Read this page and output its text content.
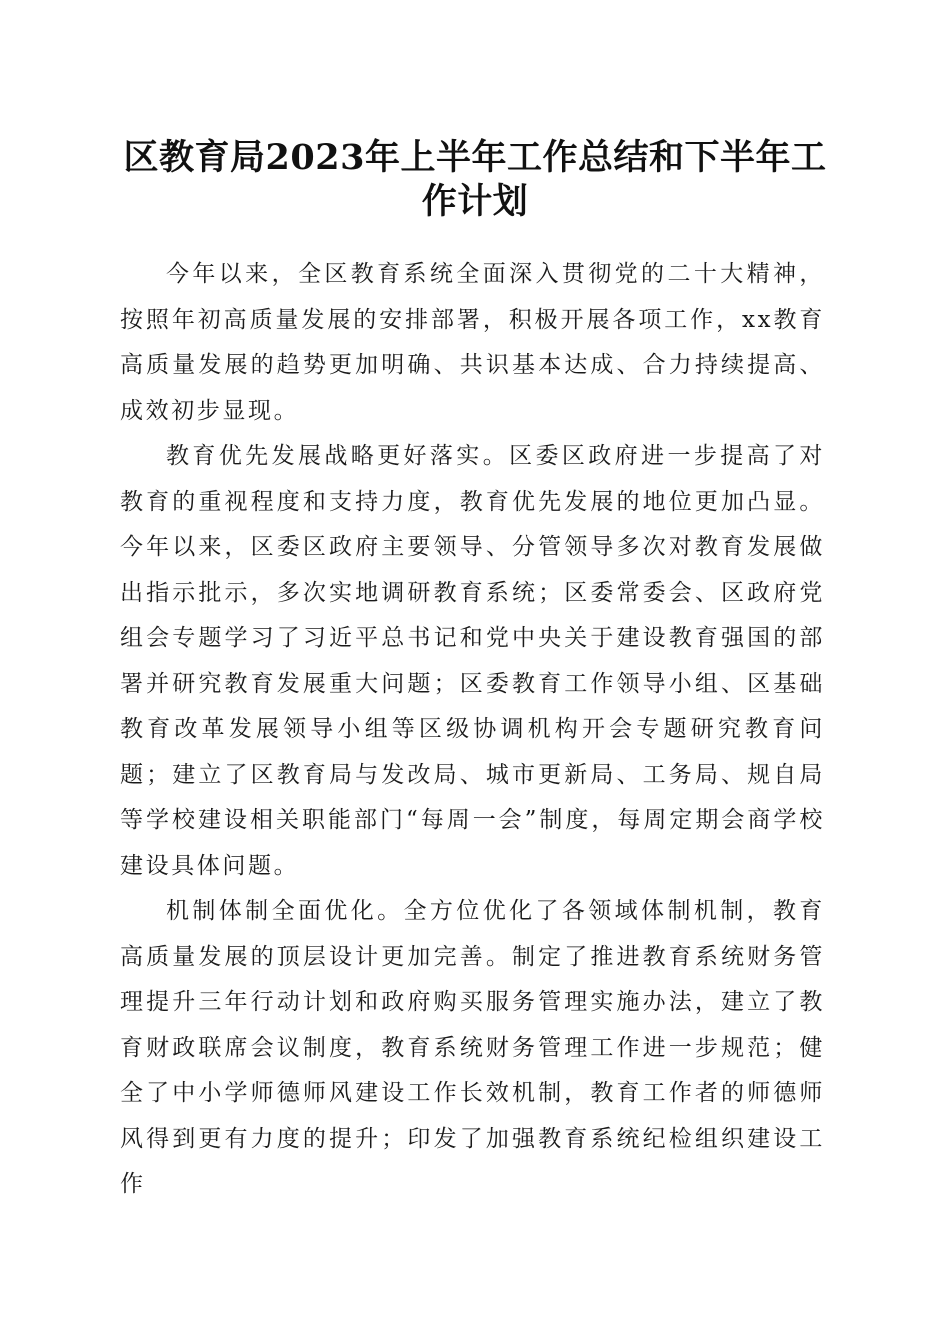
区教育局2023年上半年工作总结和下半年工作计划

今年以来，全区教育系统全面深入贯彻党的二十大精神，按照年初高质量发展的安排部署，积极开展各项工作，xx教育高质量发展的趋势更加明确、共识基本达成、合力持续提高、成效初步显现。

教育优先发展战略更好落实。区委区政府进一步提高了对教育的重视程度和支持力度，教育优先发展的地位更加凸显。今年以来，区委区政府主要领导、分管领导多次对教育发展做出指示批示，多次实地调研教育系统；区委常委会、区政府党组会专题学习了习近平总书记和党中央关于建设教育强国的部署并研究教育发展重大问题；区委教育工作领导小组、区基础教育改革发展领导小组等区级协调机构开会专题研究教育问题；建立了区教育局与发改局、城市更新局、工务局、规自局等学校建设相关职能部门“每周一会”制度，每周定期会商学校建设具体问题。

机制体制全面优化。全方位优化了各领域体制机制，教育高质量发展的顶层设计更加完善。制定了推进教育系统财务管理提升三年行动计划和政府购买服务管理实施办法，建立了教育财政联席会议制度，教育系统财务管理工作进一步规范；健全了中小学师德师风建设工作长效机制，教育工作者的师德师风得到更有力度的提升；印发了加强教育系统纪检组织建设工作
